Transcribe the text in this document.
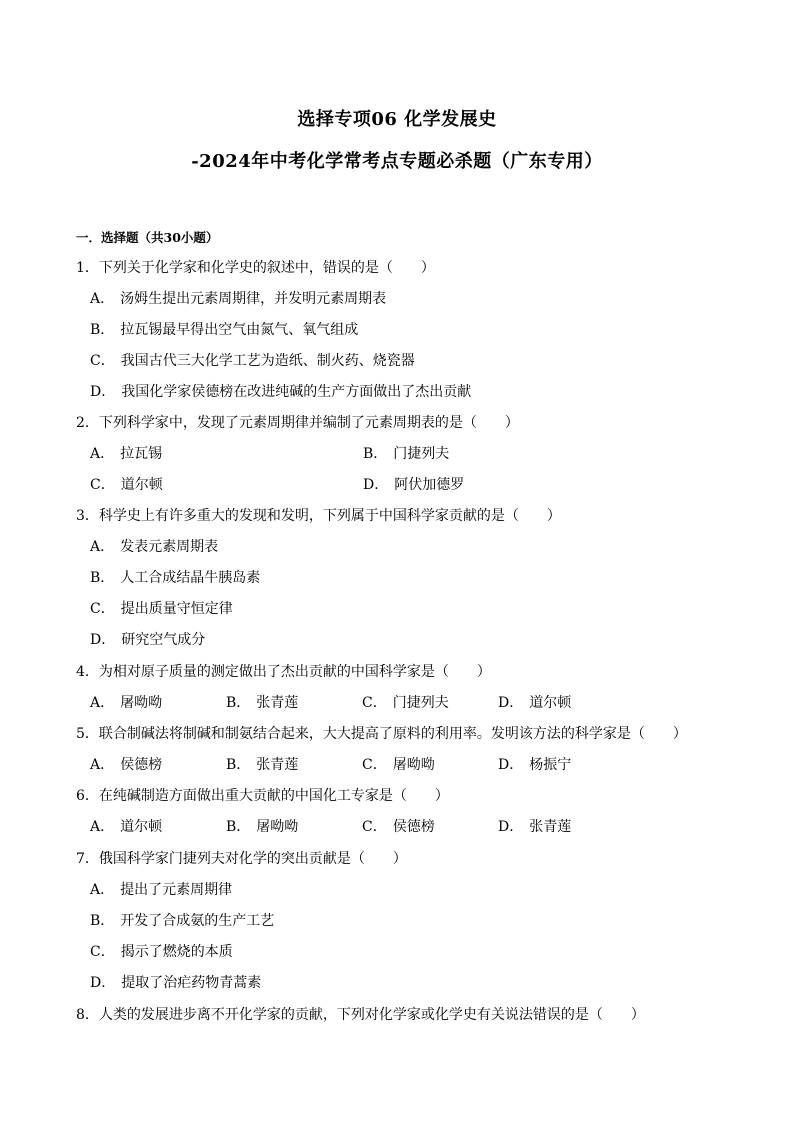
选择专项06 化学发展史
-2024年中考化学常考点专题必杀题（广东专用）
一．选择题（共30小题）
1．下列关于化学家和化学史的叙述中，错误的是（　　）
A． 汤姆生提出元素周期律，并发明元素周期表
B． 拉瓦锡最早得出空气由氮气、氧气组成
C． 我国古代三大化学工艺为造纸、制火药、烧瓷器
D． 我国化学家侯德榜在改进纯碱的生产方面做出了杰出贡献
2．下列科学家中，发现了元素周期律并编制了元素周期表的是（　　）
A． 拉瓦锡	B． 门捷列夫
C． 道尔顿	D． 阿伏加德罗
3．科学史上有许多重大的发现和发明，下列属于中国科学家贡献的是（　　）
A． 发表元素周期表
B． 人工合成结晶牛胰岛素
C． 提出质量守恒定律
D． 研究空气成分
4．为相对原子质量的测定做出了杰出贡献的中国科学家是（　　）
A． 屠呦呦	B． 张青莲	C． 门捷列夫	D． 道尔顿
5．联合制碱法将制碱和制氨结合起来，大大提高了原料的利用率。发明该方法的科学家是（　　）
A． 侯德榜	B． 张青莲	C． 屠呦呦	D． 杨振宁
6．在纯碱制造方面做出重大贡献的中国化工专家是（　　）
A． 道尔顿	B． 屠呦呦	C． 侯德榜	D． 张青莲
7．俄国科学家门捷列夫对化学的突出贡献是（　　）
A． 提出了元素周期律
B． 开发了合成氨的生产工艺
C． 揭示了燃烧的本质
D． 提取了治疟药物青蒿素
8．人类的发展进步离不开化学家的贡献，下列对化学家或化学史有关说法错误的是（　　）
